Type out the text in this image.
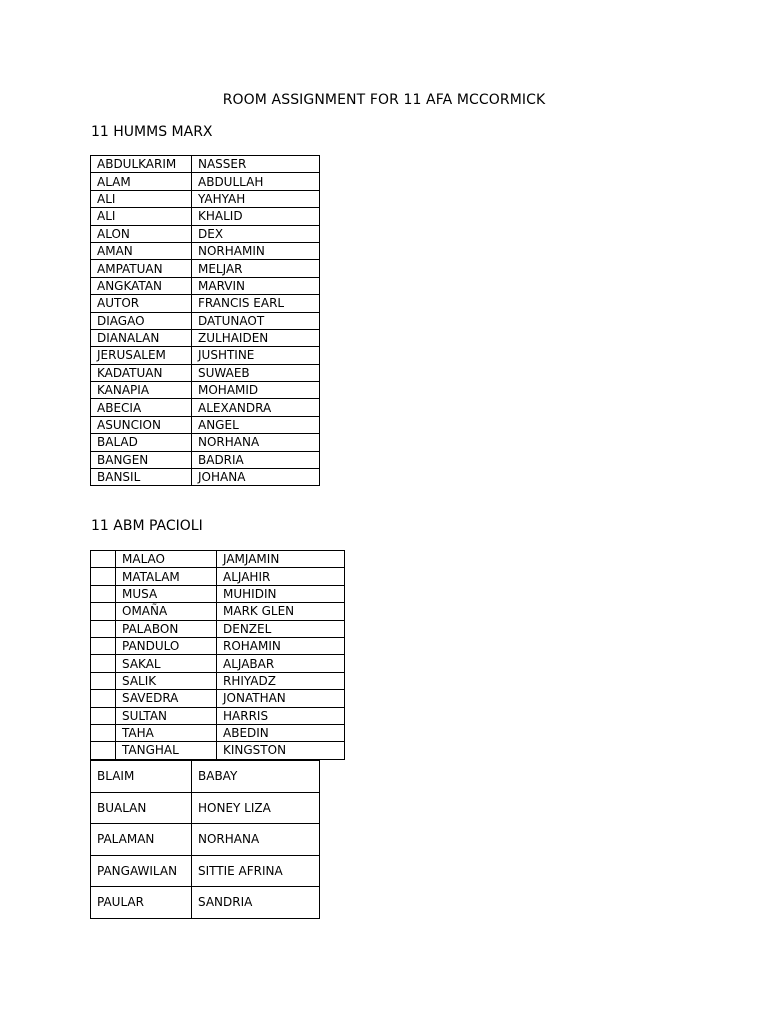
ROOM ASSIGNMENT FOR 11 AFA MCCORMICK
11 HUMMS MARX
ABDULKARIM	NASSER
ALAM	ABDULLAH
ALI	YAHYAH
ALI	KHALID
ALON	DEX
AMAN	NORHAMIN
AMPATUAN	MELJAR
ANGKATAN	MARVIN
AUTOR	FRANCIS EARL
DIAGAO	DATUNAOT
DIANALAN	ZULHAIDEN
JERUSALEM	JUSHTINE
KADATUAN	SUWAEB
KANAPIA	MOHAMID
ABECIA	ALEXANDRA
ASUNCION	ANGEL
BALAD	NORHANA
BANGEN	BADRIA
BANSIL	JOHANA
11 ABM PACIOLI
	MALAO	JAMJAMIN
	MATALAM	ALJAHIR
	MUSA	MUHIDIN
	OMAÑA	MARK GLEN
	PALABON	DENZEL
	PANDULO	ROHAMIN
	SAKAL	ALJABAR
	SALIK	RHIYADZ
	SAVEDRA	JONATHAN
	SULTAN	HARRIS
	TAHA	ABEDIN
	TANGHAL	KINGSTON
BLAIM	BABAY
BUALAN	HONEY LIZA
PALAMAN	NORHANA
PANGAWILAN	SITTIE AFRINA
PAULAR	SANDRIA
